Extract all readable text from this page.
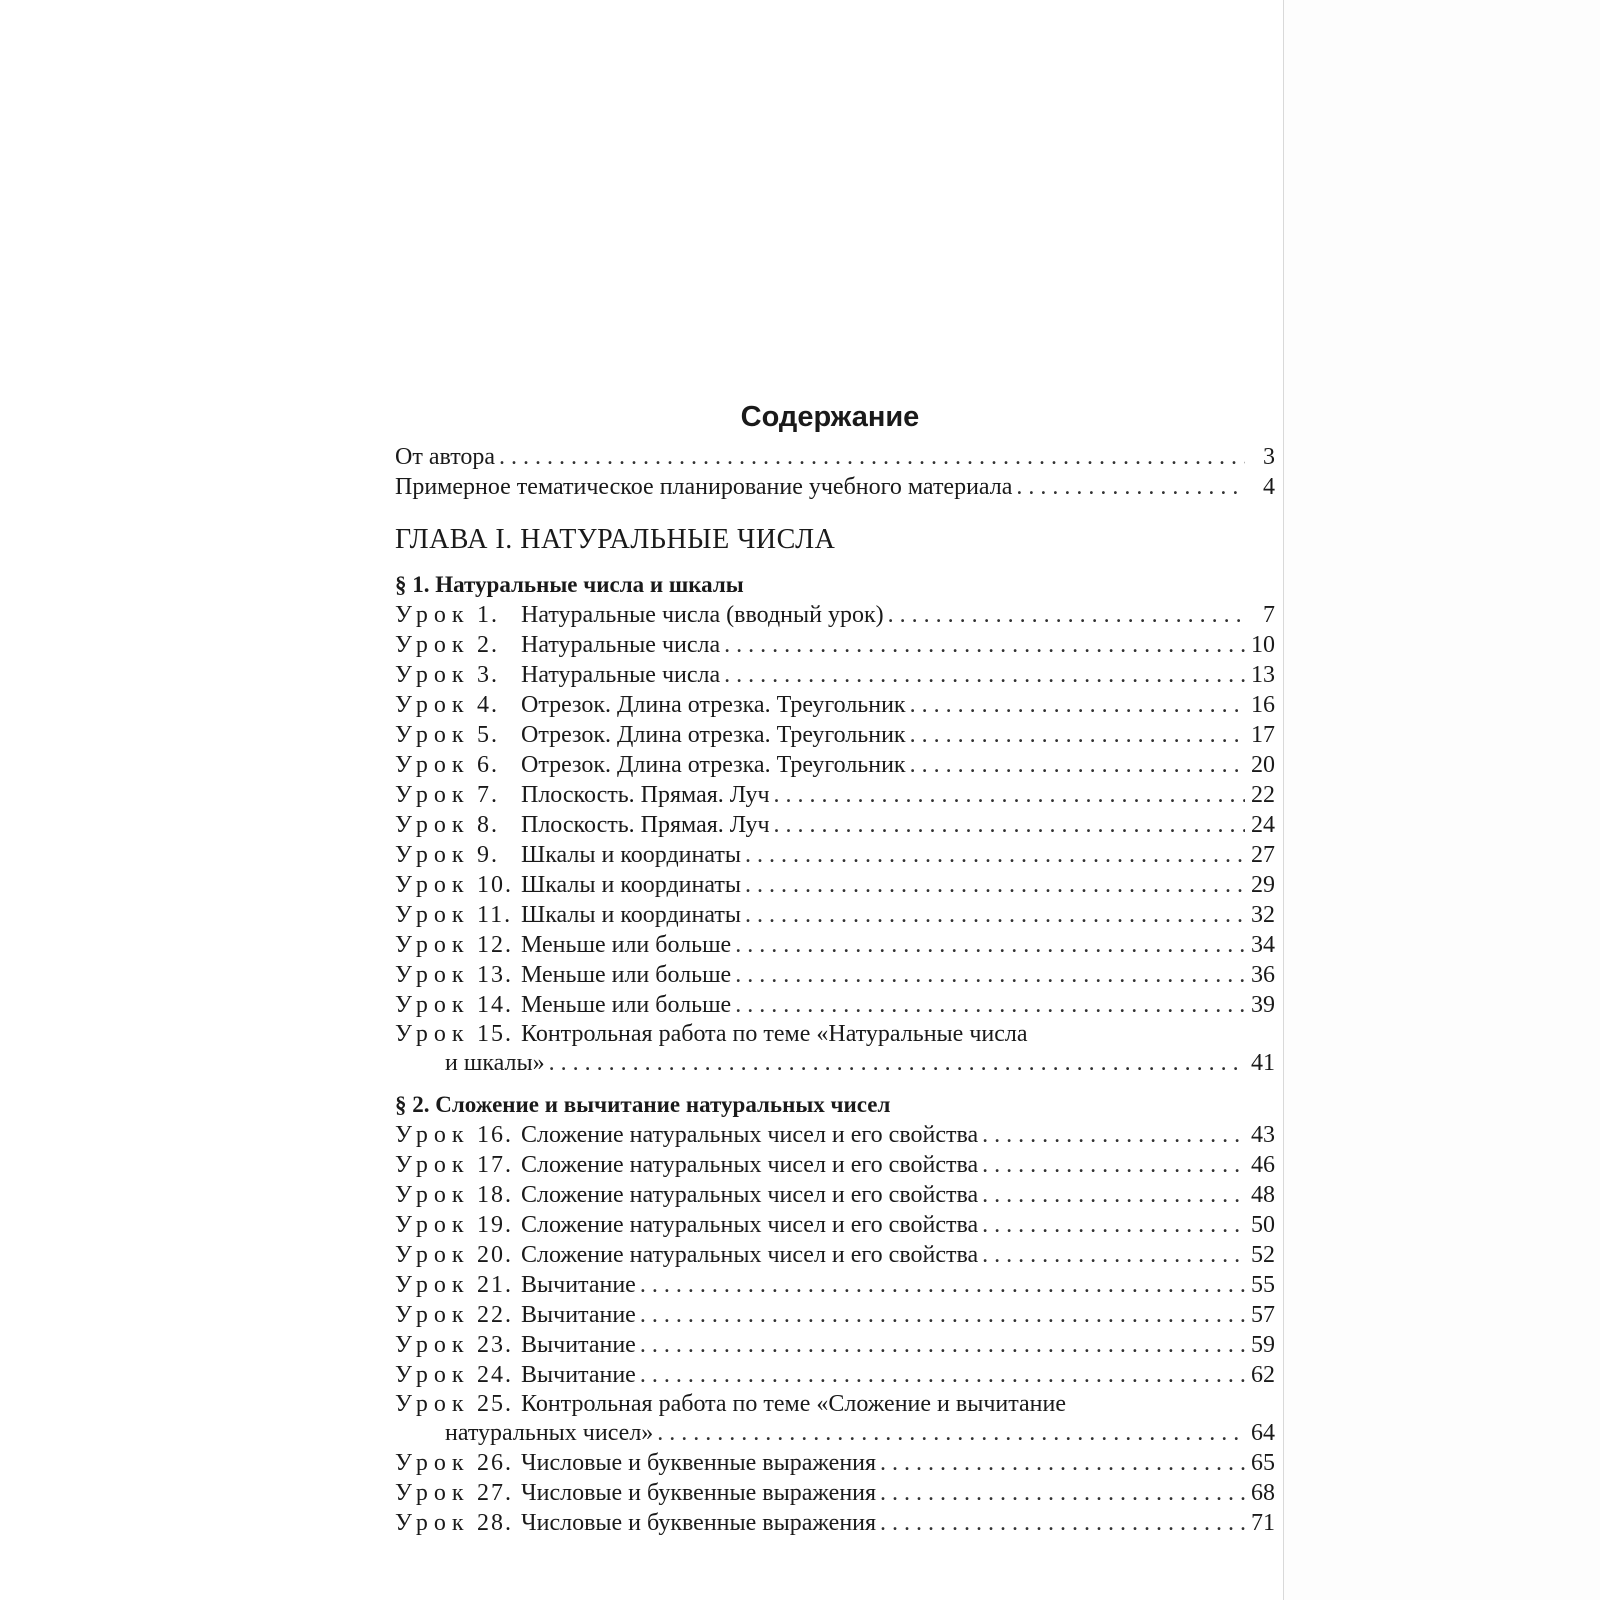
Содержание
От автора . . .	3
Примерное тематическое планирование учебного материала . . .	4
ГЛАВА I. НАТУРАЛЬНЫЕ ЧИСЛА
§ 1. Натуральные числа и шкалы
Урок 1. Натуральные числа (вводный урок) . . .	7
Урок 2. Натуральные числа . . .	10
Урок 3. Натуральные числа . . .	13
Урок 4. Отрезок. Длина отрезка. Треугольник . . .	16
Урок 5. Отрезок. Длина отрезка. Треугольник . . .	17
Урок 6. Отрезок. Длина отрезка. Треугольник . . .	20
Урок 7. Плоскость. Прямая. Луч . . .	22
Урок 8. Плоскость. Прямая. Луч . . .	24
Урок 9. Шкалы и координаты . . .	27
Урок 10. Шкалы и координаты . . .	29
Урок 11. Шкалы и координаты . . .	32
Урок 12. Меньше или больше . . .	34
Урок 13. Меньше или больше . . .	36
Урок 14. Меньше или больше . . .	39
Урок 15. Контрольная работа по теме «Натуральные числа
и шкалы» . . .	41
§ 2. Сложение и вычитание натуральных чисел
Урок 16. Сложение натуральных чисел и его свойства . . .	43
Урок 17. Сложение натуральных чисел и его свойства . . .	46
Урок 18. Сложение натуральных чисел и его свойства . . .	48
Урок 19. Сложение натуральных чисел и его свойства . . .	50
Урок 20. Сложение натуральных чисел и его свойства . . .	52
Урок 21. Вычитание . . .	55
Урок 22. Вычитание . . .	57
Урок 23. Вычитание . . .	59
Урок 24. Вычитание . . .	62
Урок 25. Контрольная работа по теме «Сложение и вычитание
натуральных чисел» . . .	64
Урок 26. Числовые и буквенные выражения . . .	65
Урок 27. Числовые и буквенные выражения . . .	68
Урок 28. Числовые и буквенные выражения . . .	71
